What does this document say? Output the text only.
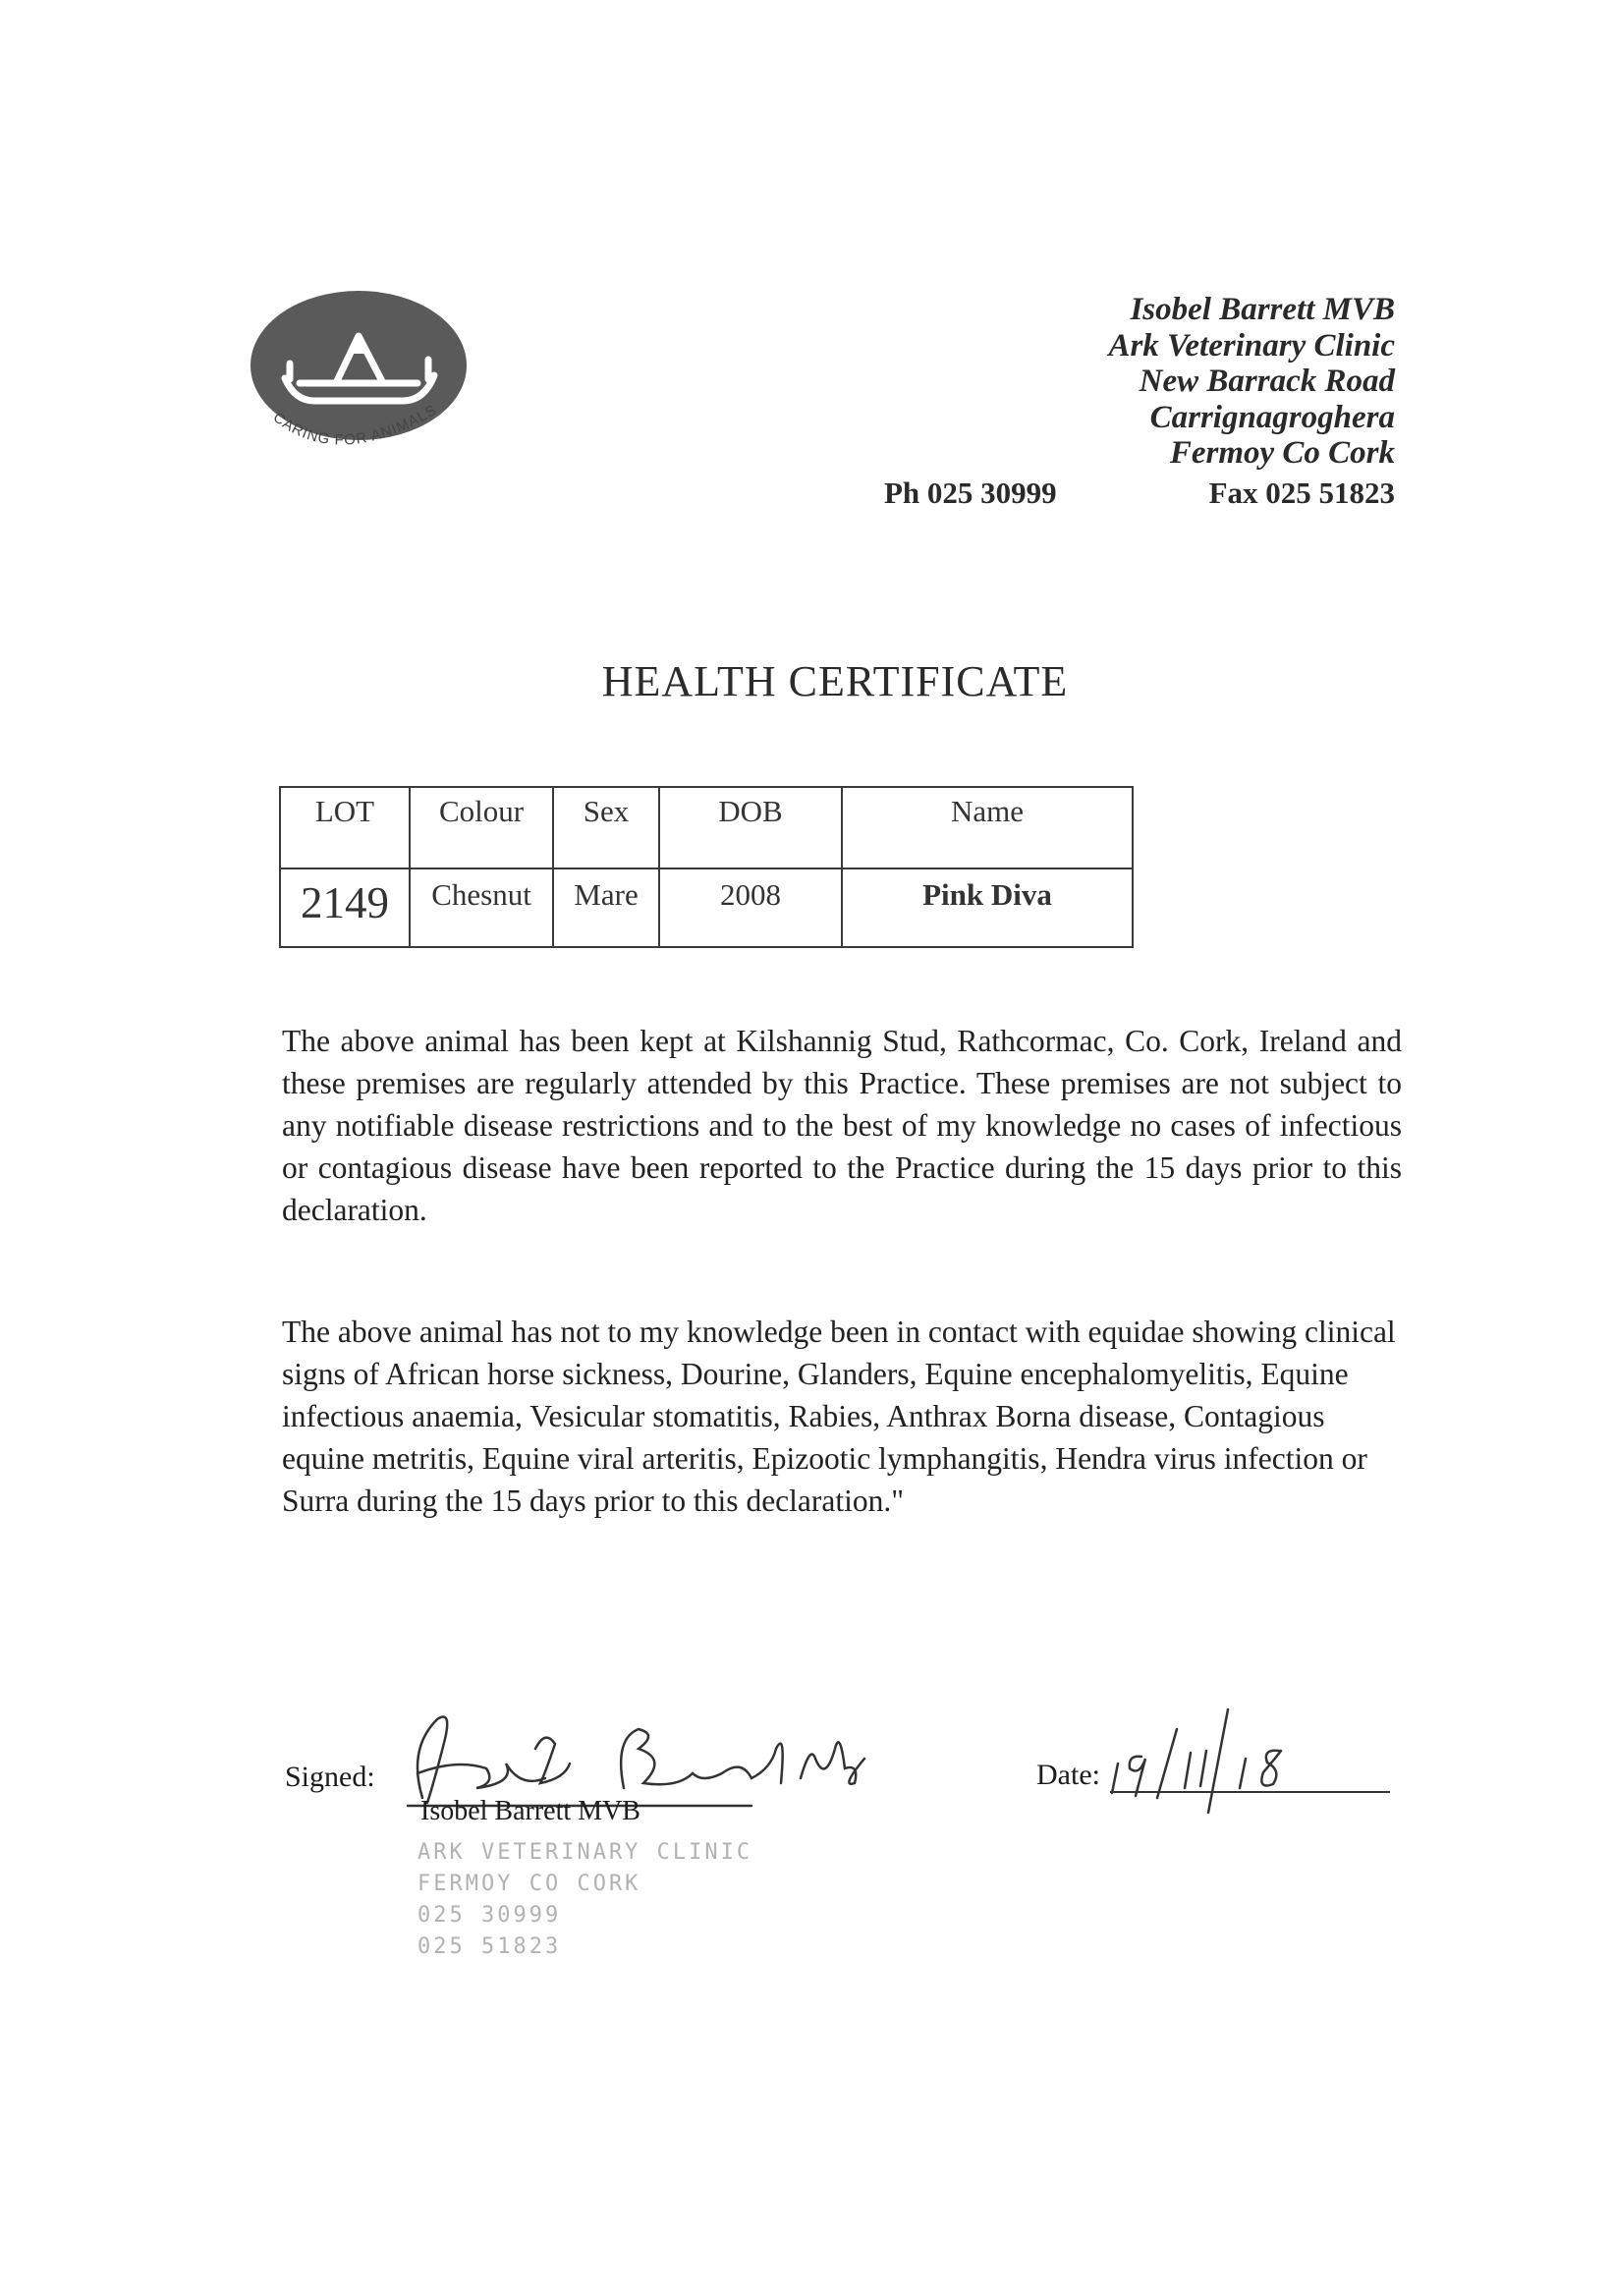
CARING FOR ANIMALS
Isobel Barrett MVB
Ark Veterinary Clinic
New Barrack Road
Carrignagroghera
Fermoy Co Cork
Ph 025 30999	Fax 025 51823
HEALTH CERTIFICATE
LOT	Colour	Sex	DOB	Name
2149	Chesnut	Mare	2008	Pink Diva
The above animal has been kept at Kilshannig Stud, Rathcormac, Co. Cork, Ireland and these premises are regularly attended by this Practice. These premises are not subject to any notifiable disease restrictions and to the best of my knowledge no cases of infectious or contagious disease have been reported to the Practice during the 15 days prior to this declaration.
The above animal has not to my knowledge been in contact with equidae showing clinical signs of African horse sickness, Dourine, Glanders, Equine encephalomyelitis, Equine infectious anaemia, Vesicular stomatitis, Rabies, Anthrax Borna disease, Contagious equine metritis, Equine viral arteritis, Epizootic lymphangitis, Hendra virus infection or Surra during the 15 days prior to this declaration."
Signed:
Isobel Barrett MVB
ARK VETERINARY CLINIC
FERMOY CO CORK
025 30999
025 51823
Date:
